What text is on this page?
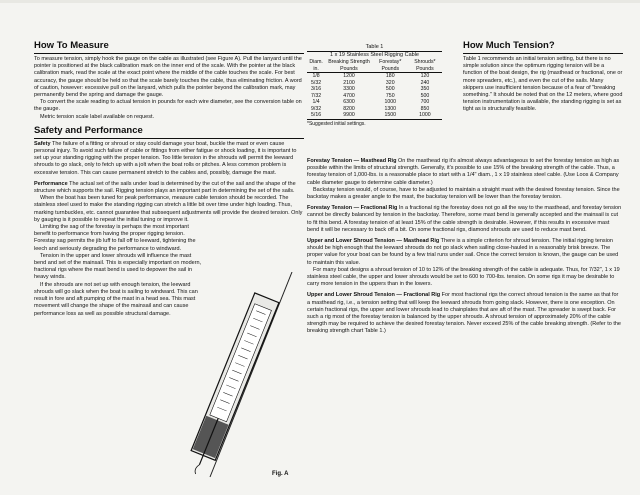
How To Measure

To measure tension, simply hook the gauge on the cable as illustrated (see Figure A). Pull the lanyard until the pointer is positioned at the black calibration mark on the inner end of the scale. With the pointer at the black calibration mark, read the scale at the exact point where the middle of the cable touches the scale. For best accuracy, the gauge should be held so that the scale barely touches the cable, thus eliminating friction. A word of caution, however: excessive pull on the lanyard, which pulls the pointer beyond the calibration mark, may permanently bend the spring and damage the gauge.

To convert the scale reading to actual tension in pounds for each wire diameter, see the conversion table on the gauge.

Metric tension scale label available on request.

Safety and Performance

Safety The failure of a fitting or shroud or stay could damage your boat, buckle the mast or even cause personal injury. To avoid such failure of cable or fittings from either fatigue or shock loading, it is important to set up your standing rigging with the proper tension. Too little tension in the shrouds will permit the leeward shrouds to go slack, only to fetch up with a jolt when the boat rolls or pitches. A less common problem is excessive tension. This can cause permanent stretch to the cables and, possibly, damage the mast.

Performance The actual set of the sails under load is determined by the cut of the sail and the shape of the structure which supports the sail. Rigging tension plays an important part in determining the set of the sails.

When the boat has been tuned for peak performance, measure cable tension should be recorded. The stainless steel used to make the standing rigging can stretch a little bit over time under high loading. Thus, marking turnbuckles, etc. cannot guarantee that subsequent adjustments will provide the desired tension. Only by gauging is it possible to repeat the initial tuning or improve it.

Limiting the sag of the forestay is perhaps the most important benefit to performance from having the proper rigging tension. Forestay sag permits the jib luff to fall off to leeward, tightening the leech and seriously degrading the performance to windward.

Tension in the upper and lower shrouds will influence the mast bend and set of the mainsail. This is especially important on modern, fractional rigs where the mast bend is used to depower the sail in heavy winds.

If the shrouds are not set up with enough tension, the leeward shrouds will go slack when the boat is sailing to windward. This can result in fore and aft pumping of the mast in a head sea. This mast movement will change the shape of the mainsail and can cause performance loss as well as possible structural damage.

Fig. A
Table 1
1 x 19 Stainless Steel Rigging Cable
Diam. in.	Breaking Strength Pounds	Forestay* Pounds	Shrouds* Pounds
1/8	1200	180	120
5/32	2100	320	240
3/16	3300	500	350
7/32	4700	750	500
1/4	6300	1000	700
9/32	8200	1300	850
5/16	9900	1500	1000
*Suggested initial settings.
How Much Tension?

Table 1 recommends an initial tension setting, but there is no simple solution since the optimum rigging tension will be a function of the boat design, the rig (masthead or fractional, one or more spreaders, etc.), and even the cut of the sails. Many skippers use insufficient tension because of a fear of "breaking something." It should be noted that on the 12 meters, where good tension instrumentation is available, the standing rigging is set as tight as is structurally feasible.

Forestay Tension — Masthead Rig On the masthead rig it's almost always advantageous to set the forestay tension as high as possible within the limits of structural strength. Generally, it's possible to use 15% of the breaking strength of the cable. Thus, a forestay tension of 1,000-lbs. is a reasonable place to start with a 1/4" diam., 1 x 19 stainless steel cable. (Use Loos & Company cable diameter gauge to determine cable diameter.)

Backstay tension would, of course, have to be adjusted to maintain a straight mast with the desired forestay tension. Since the backstay makes a greater angle to the mast, the backstay tension will be lower than the forestay tension.

Forestay Tension — Fractional Rig In a fractional rig the forestay does not go all the way to the masthead, and forestay tension cannot be directly balanced by tension in the backstay. Therefore, some mast bend is generally accepted and the mainsail is cut to fit this bend. A forestay tension of at least 15% of the cable strength is desirable. However, if this results in excessive mast bend it will be necessary to back off a bit. On some fractional rigs, diamond shrouds are used to reduce mast bend.

Upper and Lower Shroud Tension — Masthead Rig There is a simple criterion for shroud tension. The initial rigging tension should be high enough that the leeward shrouds do not go slack when sailing close-hauled in a reasonably brisk breeze. The proper value for your boat can be found by a few trial runs under sail. Once the correct tension is known, the gauge can be used to maintain this value.

For many boat designs a shroud tension of 10 to 12% of the breaking strength of the cable is adequate. Thus, for 7/32", 1 x 19 stainless steel cable, the upper and lower shrouds would be set to 600 to 700-lbs. tension. On some rigs it may be desirable to carry more tension in the uppers than in the lowers.

Upper and Lower Shroud Tension — Fractional Rig For most fractional rigs the correct shroud tension is the same as that for a masthead rig, i.e., a tension setting that will keep the leeward shrouds from going slack. However, there is one exception. On certain fractional rigs, the upper and lower shrouds lead to chainplates that are aft of the mast. The spreader is swept back. For such a rig most of the forestay tension is balanced by the upper shrouds. A shroud tension of approximately 20% of the cable strength may be required to achieve the desired forestay tension. Never exceed 25% of the cable breaking strength. (Refer to the breaking strength chart Table 1.)
